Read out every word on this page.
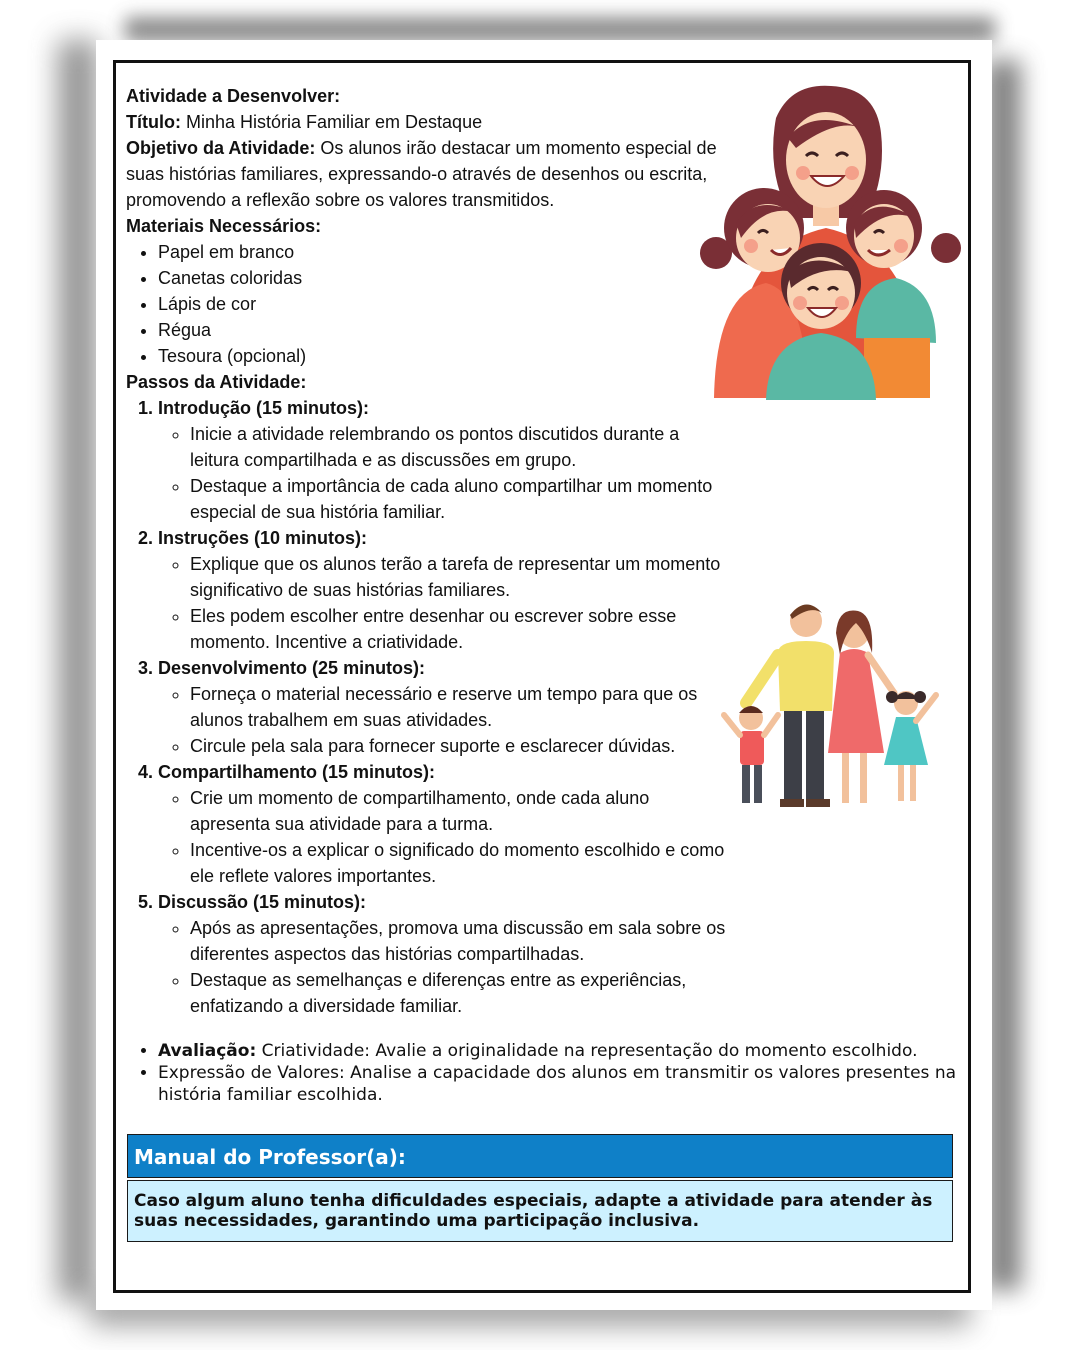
Atividade a Desenvolver:

Título: Minha História Familiar em Destaque

Objetivo da Atividade: Os alunos irão destacar um momento especial de suas histórias familiares, expressando-o através de desenhos ou escrita, promovendo a reflexão sobre os valores transmitidos.

Materiais Necessários:

• Papel em branco
• Canetas coloridas
• Lápis de cor
• Régua
• Tesoura (opcional)

Passos da Atividade:

1. Introdução (15 minutos):
◦ Inicie a atividade relembrando os pontos discutidos durante a leitura compartilhada e as discussões em grupo.
◦ Destaque a importância de cada aluno compartilhar um momento especial de sua história familiar.
2. Instruções (10 minutos):
◦ Explique que os alunos terão a tarefa de representar um momento significativo de suas histórias familiares.
◦ Eles podem escolher entre desenhar ou escrever sobre esse momento. Incentive a criatividade.
3. Desenvolvimento (25 minutos):
◦ Forneça o material necessário e reserve um tempo para que os alunos trabalhem em suas atividades.
◦ Circule pela sala para fornecer suporte e esclarecer dúvidas.
4. Compartilhamento (15 minutos):
◦ Crie um momento de compartilhamento, onde cada aluno apresenta sua atividade para a turma.
◦ Incentive-os a explicar o significado do momento escolhido e como ele reflete valores importantes.
5. Discussão (15 minutos):
◦ Após as apresentações, promova uma discussão em sala sobre os diferentes aspectos das histórias compartilhadas.
◦ Destaque as semelhanças e diferenças entre as experiências, enfatizando a diversidade familiar.
• Avaliação: Criatividade: Avalie a originalidade na representação do momento escolhido.
• Expressão de Valores: Analise a capacidade dos alunos em transmitir os valores presentes na história familiar escolhida.
Manual do Professor(a):
Caso algum aluno tenha dificuldades especiais, adapte a atividade para atender às suas necessidades, garantindo uma participação inclusiva.
